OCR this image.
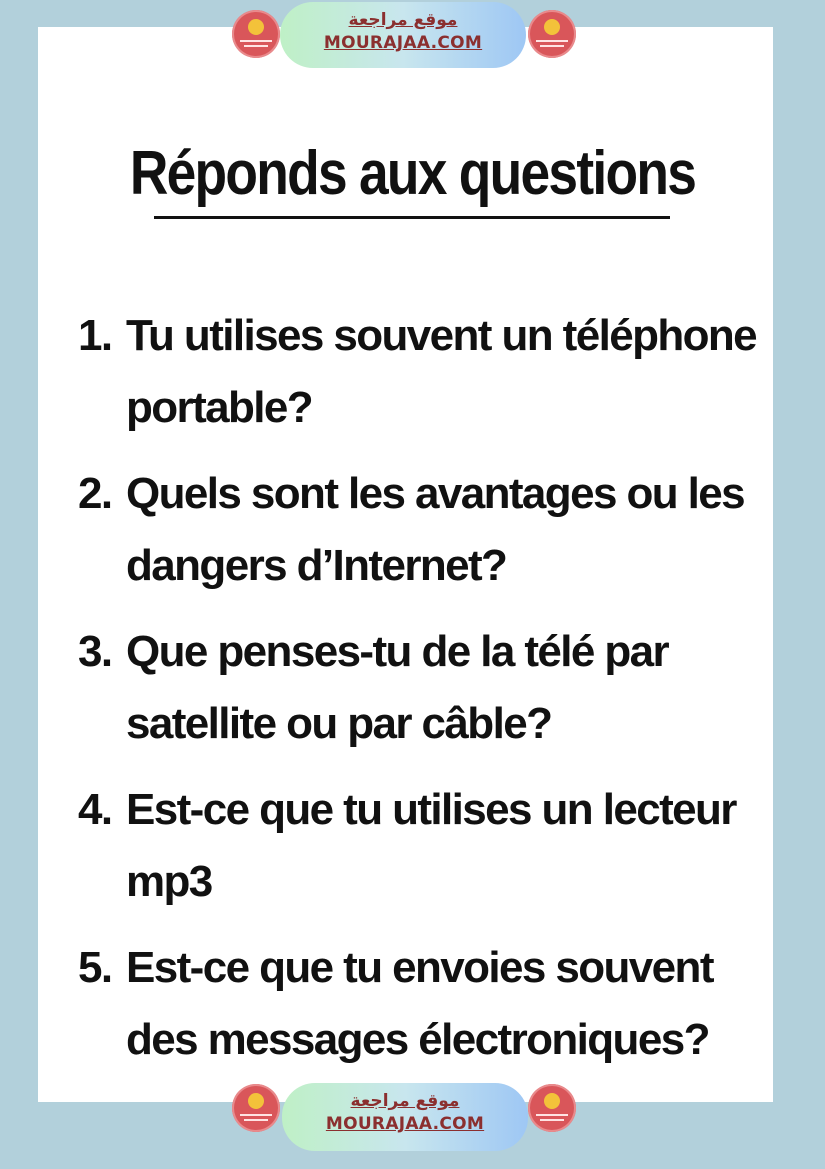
موقع مراجعة
MOURAJAA.COM
Réponds aux questions
1. Tu utilises souvent un téléphone portable?
2. Quels sont les avantages ou les dangers d’Internet?
3. Que penses-tu de la télé par satellite ou par câble?
4. Est-ce que tu utilises un lecteur mp3
5. Est-ce que tu envoies souvent des messages électroniques?
موقع مراجعة
MOURAJAA.COM
